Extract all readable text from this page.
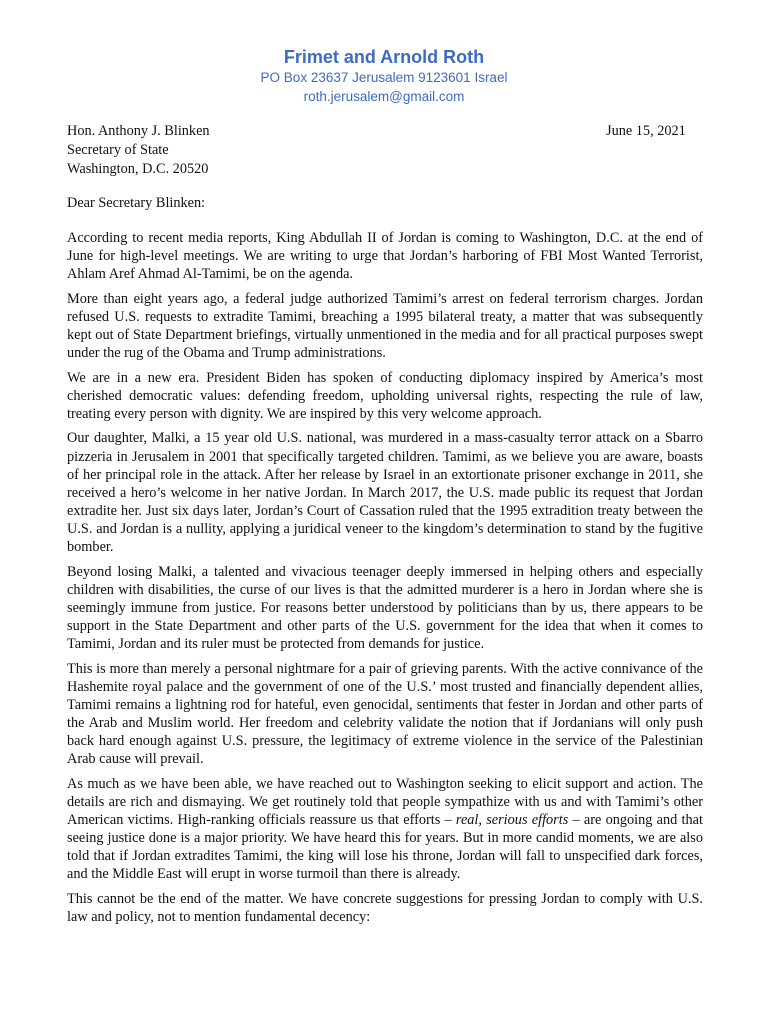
Frimet and Arnold Roth
PO Box 23637 Jerusalem 9123601 Israel
roth.jerusalem@gmail.com
Hon. Anthony J. Blinken
Secretary of State
Washington, D.C. 20520
June 15, 2021
Dear Secretary Blinken:

According to recent media reports, King Abdullah II of Jordan is coming to Washington, D.C. at the end of June for high-level meetings. We are writing to urge that Jordan’s harboring of FBI Most Wanted Terrorist, Ahlam Aref Ahmad Al-Tamimi, be on the agenda.

More than eight years ago, a federal judge authorized Tamimi’s arrest on federal terrorism charges. Jordan refused U.S. requests to extradite Tamimi, breaching a 1995 bilateral treaty, a matter that was subsequently kept out of State Department briefings, virtually unmentioned in the media and for all practical purposes swept under the rug of the Obama and Trump administrations.

We are in a new era. President Biden has spoken of conducting diplomacy inspired by America’s most cherished democratic values: defending freedom, upholding universal rights, respecting the rule of law, treating every person with dignity. We are inspired by this very welcome approach.

Our daughter, Malki, a 15 year old U.S. national, was murdered in a mass-casualty terror attack on a Sbarro pizzeria in Jerusalem in 2001 that specifically targeted children. Tamimi, as we believe you are aware, boasts of her principal role in the attack. After her release by Israel in an extortionate prisoner exchange in 2011, she received a hero’s welcome in her native Jordan. In March 2017, the U.S. made public its request that Jordan extradite her. Just six days later, Jordan’s Court of Cassation ruled that the 1995 extradition treaty between the U.S. and Jordan is a nullity, applying a juridical veneer to the kingdom’s determination to stand by the fugitive bomber.

Beyond losing Malki, a talented and vivacious teenager deeply immersed in helping others and especially children with disabilities, the curse of our lives is that the admitted murderer is a hero in Jordan where she is seemingly immune from justice. For reasons better understood by politicians than by us, there appears to be support in the State Department and other parts of the U.S. government for the idea that when it comes to Tamimi, Jordan and its ruler must be protected from demands for justice.

This is more than merely a personal nightmare for a pair of grieving parents. With the active connivance of the Hashemite royal palace and the government of one of the U.S.’ most trusted and financially dependent allies, Tamimi remains a lightning rod for hateful, even genocidal, sentiments that fester in Jordan and other parts of the Arab and Muslim world. Her freedom and celebrity validate the notion that if Jordanians will only push back hard enough against U.S. pressure, the legitimacy of extreme violence in the service of the Palestinian Arab cause will prevail.

As much as we have been able, we have reached out to Washington seeking to elicit support and action. The details are rich and dismaying. We get routinely told that people sympathize with us and with Tamimi’s other American victims. High-ranking officials reassure us that efforts – real, serious efforts – are ongoing and that seeing justice done is a major priority. We have heard this for years. But in more candid moments, we are also told that if Jordan extradites Tamimi, the king will lose his throne, Jordan will fall to unspecified dark forces, and the Middle East will erupt in worse turmoil than there is already.

This cannot be the end of the matter. We have concrete suggestions for pressing Jordan to comply with U.S. law and policy, not to mention fundamental decency:
